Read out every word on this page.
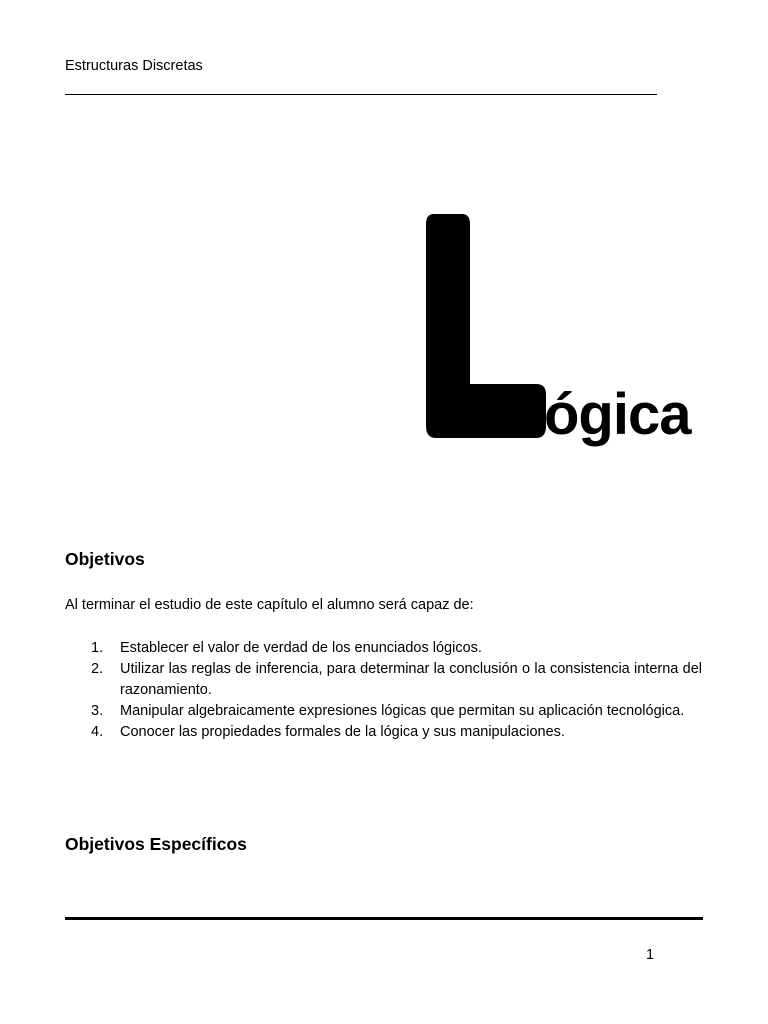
Estructuras Discretas
ógica
Objetivos
Al terminar el estudio de este capítulo el alumno será capaz de:
1. Establecer el valor de verdad de los enunciados lógicos.
2. Utilizar las reglas de inferencia, para determinar la conclusión o la consistencia interna del razonamiento.
3. Manipular algebraicamente expresiones lógicas que permitan su aplicación tecnológica.
4. Conocer las propiedades formales de la lógica y sus manipulaciones.
Objetivos Específicos
1
